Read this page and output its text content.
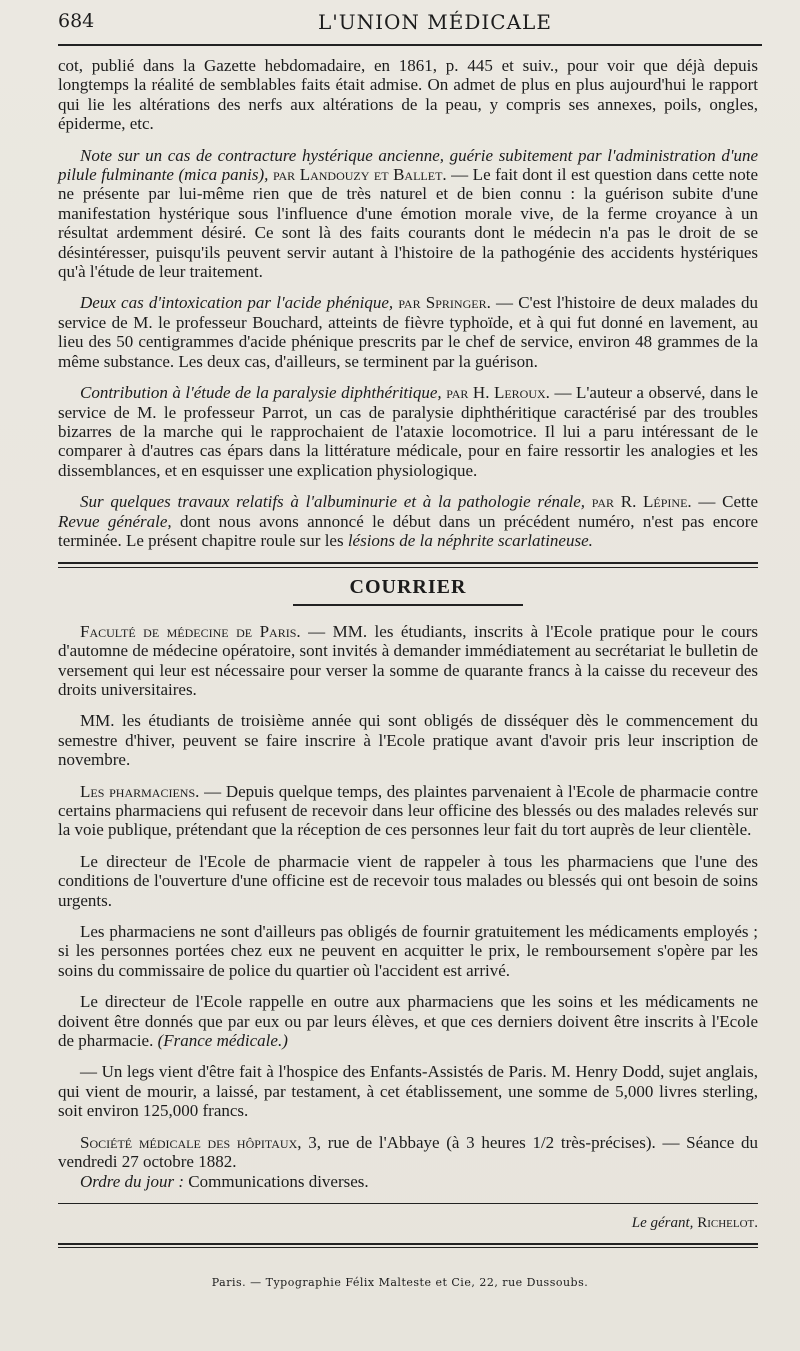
684	L'UNION MÉDICALE

cot, publié dans la Gazette hebdomadaire, en 1861, p. 445 et suiv., pour voir que déjà depuis longtemps la réalité de semblables faits était admise. On admet de plus en plus aujourd'hui le rapport qui lie les altérations des nerfs aux altérations de la peau, y compris ses annexes, poils, ongles, épiderme, etc.

Note sur un cas de contracture hystérique ancienne, guérie subitement par l'administration d'une pilule fulminante (mica panis), par Landouzy et Ballet. — Le fait dont il est question dans cette note ne présente par lui-même rien que de très naturel et de bien connu : la guérison subite d'une manifestation hystérique sous l'influence d'une émotion morale vive, de la ferme croyance à un résultat ardemment désiré. Ce sont là des faits courants dont le médecin n'a pas le droit de se désintéresser, puisqu'ils peuvent servir autant à l'histoire de la pathogénie des accidents hystériques qu'à l'étude de leur traitement.

Deux cas d'intoxication par l'acide phénique, par Springer. — C'est l'histoire de deux malades du service de M. le professeur Bouchard, atteints de fièvre typhoïde, et à qui fut donné en lavement, au lieu des 50 centigrammes d'acide phénique prescrits par le chef de service, environ 48 grammes de la même substance. Les deux cas, d'ailleurs, se terminent par la guérison.

Contribution à l'étude de la paralysie diphthéritique, par H. Leroux. — L'auteur a observé, dans le service de M. le professeur Parrot, un cas de paralysie diphthéritique caractérisé par des troubles bizarres de la marche qui le rapprochaient de l'ataxie locomotrice. Il lui a paru intéressant de le comparer à d'autres cas épars dans la littérature médicale, pour en faire ressortir les analogies et les dissemblances, et en esquisser une explication physiologique.

Sur quelques travaux relatifs à l'albuminurie et à la pathologie rénale, par R. Lépine. — Cette Revue générale, dont nous avons annoncé le début dans un précédent numéro, n'est pas encore terminée. Le présent chapitre roule sur les lésions de la néphrite scarlatineuse.

COURRIER

Faculté de médecine de Paris. — MM. les étudiants, inscrits à l'Ecole pratique pour le cours d'automne de médecine opératoire, sont invités à demander immédiatement au secrétariat le bulletin de versement qui leur est nécessaire pour verser la somme de quarante francs à la caisse du receveur des droits universitaires.

MM. les étudiants de troisième année qui sont obligés de disséquer dès le commencement du semestre d'hiver, peuvent se faire inscrire à l'Ecole pratique avant d'avoir pris leur inscription de novembre.

Les pharmaciens. — Depuis quelque temps, des plaintes parvenaient à l'Ecole de pharmacie contre certains pharmaciens qui refusent de recevoir dans leur officine des blessés ou des malades relevés sur la voie publique, prétendant que la réception de ces personnes leur fait du tort auprès de leur clientèle.

Le directeur de l'Ecole de pharmacie vient de rappeler à tous les pharmaciens que l'une des conditions de l'ouverture d'une officine est de recevoir tous malades ou blessés qui ont besoin de soins urgents.

Les pharmaciens ne sont d'ailleurs pas obligés de fournir gratuitement les médicaments employés ; si les personnes portées chez eux ne peuvent en acquitter le prix, le remboursement s'opère par les soins du commissaire de police du quartier où l'accident est arrivé.

Le directeur de l'Ecole rappelle en outre aux pharmaciens que les soins et les médicaments ne doivent être donnés que par eux ou par leurs élèves, et que ces derniers doivent être inscrits à l'Ecole de pharmacie. (France médicale.)

— Un legs vient d'être fait à l'hospice des Enfants-Assistés de Paris. M. Henry Dodd, sujet anglais, qui vient de mourir, a laissé, par testament, à cet établissement, une somme de 5,000 livres sterling, soit environ 125,000 francs.

Société médicale des hôpitaux, 3, rue de l'Abbaye (à 3 heures 1/2 très-précises). — Séance du vendredi 27 octobre 1882.

Ordre du jour : Communications diverses.

Le gérant, Richelot.
Paris. — Typographie Félix Malteste et Cie, 22, rue Dussoubs.
